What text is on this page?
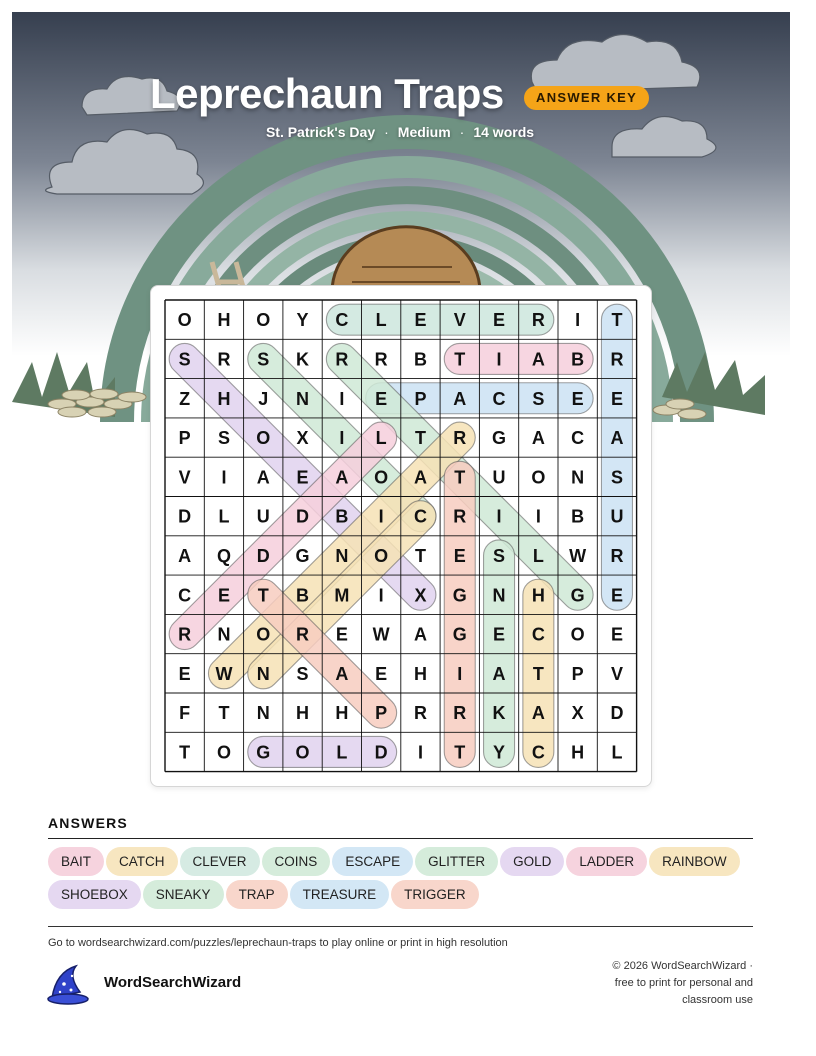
Leprechaun Traps	ANSWER KEY
St. Patrick's Day · Medium · 14 words
O H O Y C L E V E R I T
S R S K R R B T I A B R
Z H J N I E P A C S E E
P S O X I L T R G A C A
V I A E A O A T U O N S
D L U D B I C R I I B U
A Q D G N O T E S L W R
C E T B M I X G N H G E
R N O R E W A G E C O E
E W N S A E H I A T P V
F T N H H P R R K A X D
T O G O L D I T Y C H L
ANSWERS
BAIT CATCH CLEVER COINS ESCAPE GLITTER GOLD LADDER RAINBOWSHOEBOX SNEAKY TRAP TREASURE TRIGGER
Go to wordsearchwizard.com/puzzles/leprechaun-traps to play online or print in high resolution
WordSearchWizard
© 2026 WordSearchWizard ·
free to print for personal and
classroom use
